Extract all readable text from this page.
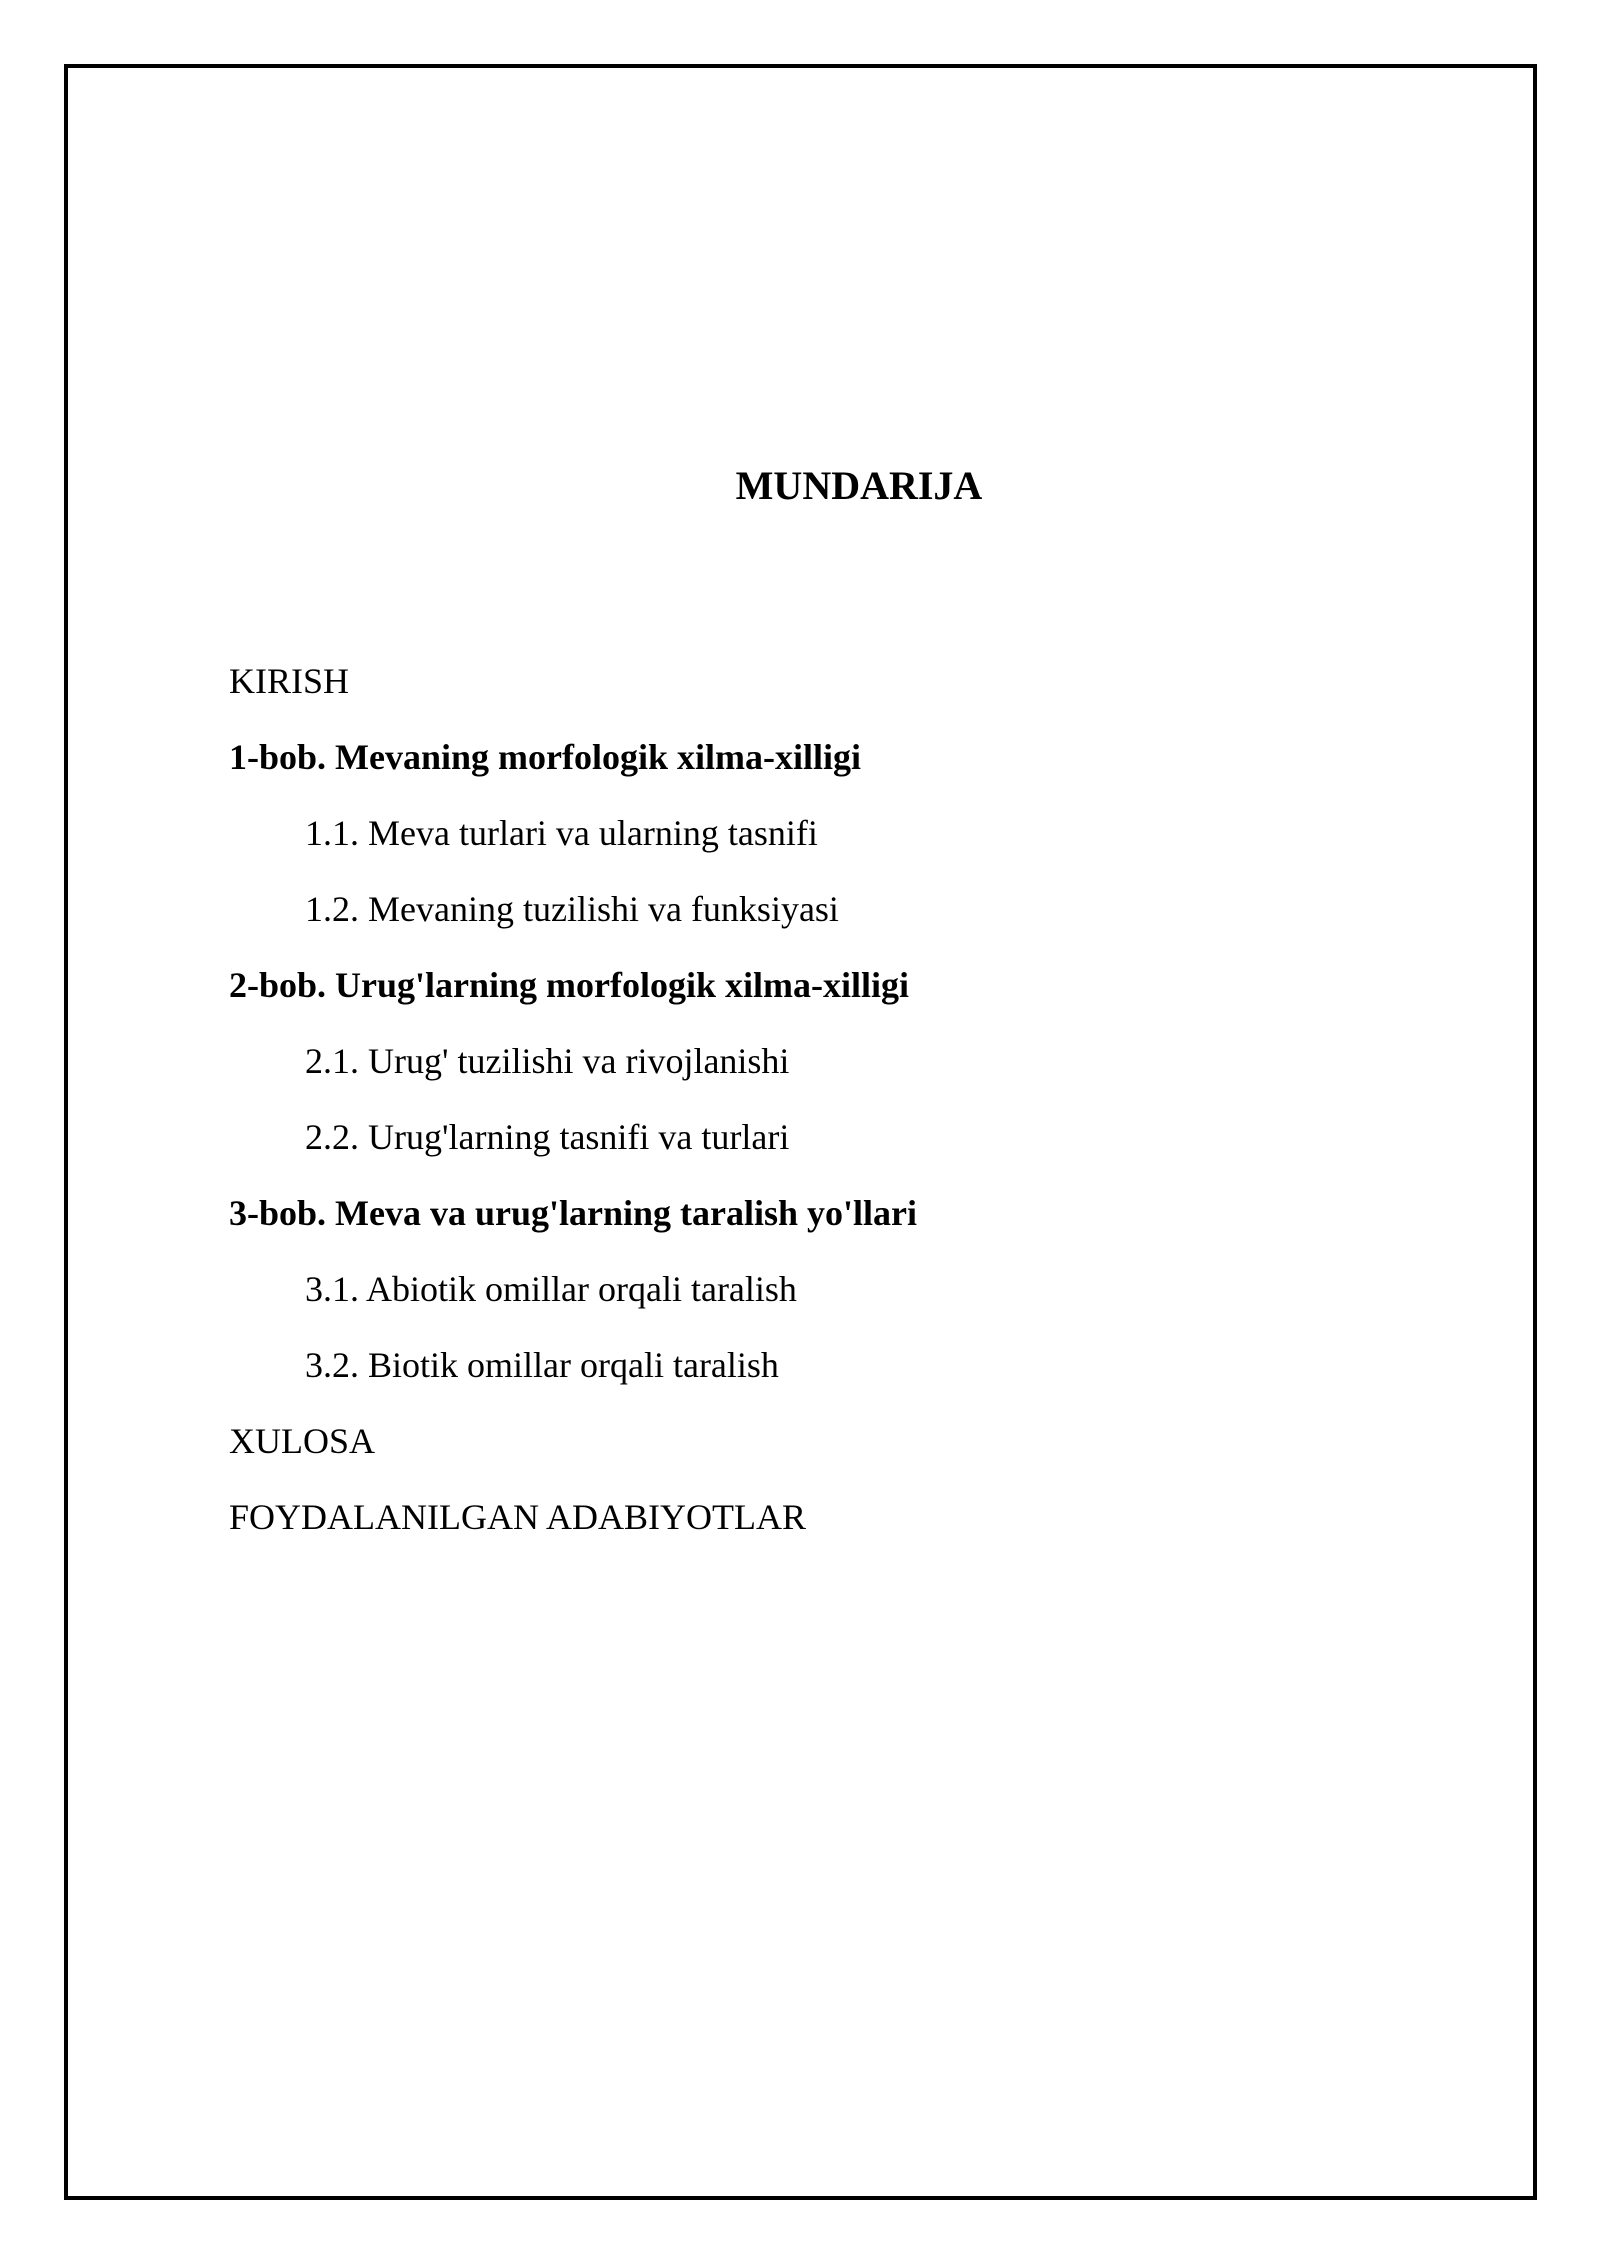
MUNDARIJA
KIRISH
1-bob. Mevaning morfologik xilma-xilligi
1.1. Meva turlari va ularning tasnifi
1.2. Mevaning tuzilishi va funksiyasi
2-bob. Urug'larning morfologik xilma-xilligi
2.1. Urug' tuzilishi va rivojlanishi
2.2. Urug'larning tasnifi va turlari
3-bob. Meva va urug'larning taralish yo'llari
3.1. Abiotik omillar orqali taralish
3.2. Biotik omillar orqali taralish
XULOSA
FOYDALANILGAN ADABIYOTLAR
